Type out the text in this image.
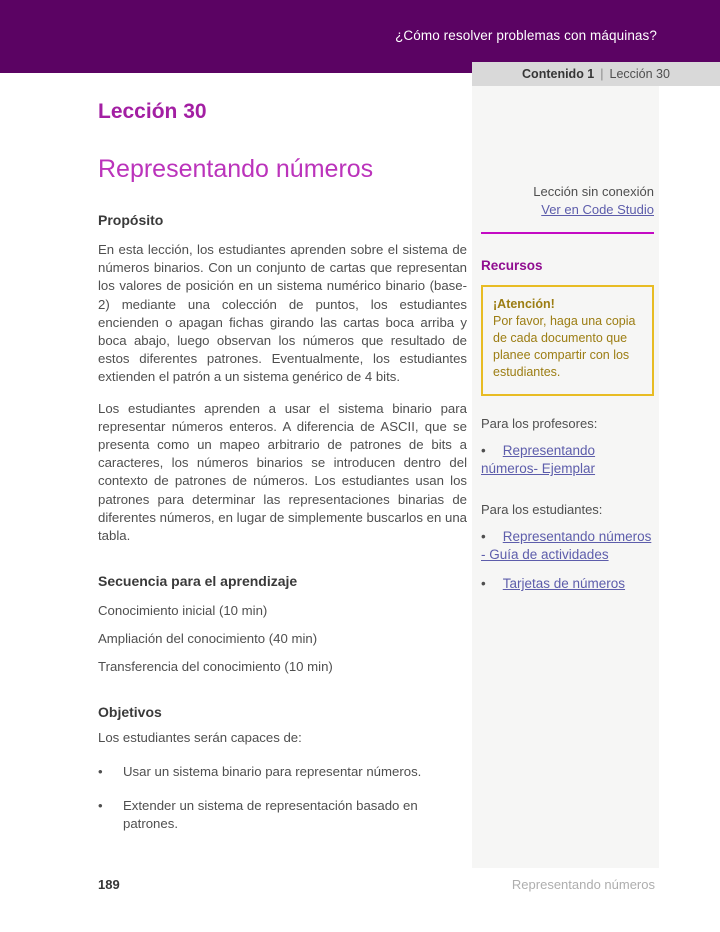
¿Cómo resolver problemas con máquinas?
Contenido 1 | Lección 30
Lección 30
Representando números
Propósito

En esta lección, los estudiantes aprenden sobre el sistema de números binarios. Con un conjunto de cartas que representan los valores de posición en un sistema numérico binario (base-2) mediante una colección de puntos, los estudiantes encienden o apagan fichas girando las cartas boca arriba y boca abajo, luego observan los números que resultado de estos diferentes patrones. Eventualmente, los estudiantes extienden el patrón a un sistema genérico de 4 bits.

Los estudiantes aprenden a usar el sistema binario para representar números enteros. A diferencia de ASCII, que se presenta como un mapeo arbitrario de patrones de bits a caracteres, los números binarios se introducen dentro del contexto de patrones de números. Los estudiantes usan los patrones para determinar las representaciones binarias de diferentes números, en lugar de simplemente buscarlos en una tabla.

Secuencia para el aprendizaje
Conocimiento inicial (10 min)
Ampliación del conocimiento (40 min)
Transferencia del conocimiento (10 min)
Objetivos
Los estudiantes serán capaces de:
•	Usar un sistema binario para representar números.
•	Extender un sistema de representación basado en patrones.
Lección sin conexión
Ver en Code Studio
Recursos
¡Atención!
Por favor, haga una copia de cada documento que planee compartir con los estudiantes.
Para los profesores:
• Representando números- Ejemplar
Para los estudiantes:
• Representando números - Guía de actividades
• Tarjetas de números
189	Representando números
